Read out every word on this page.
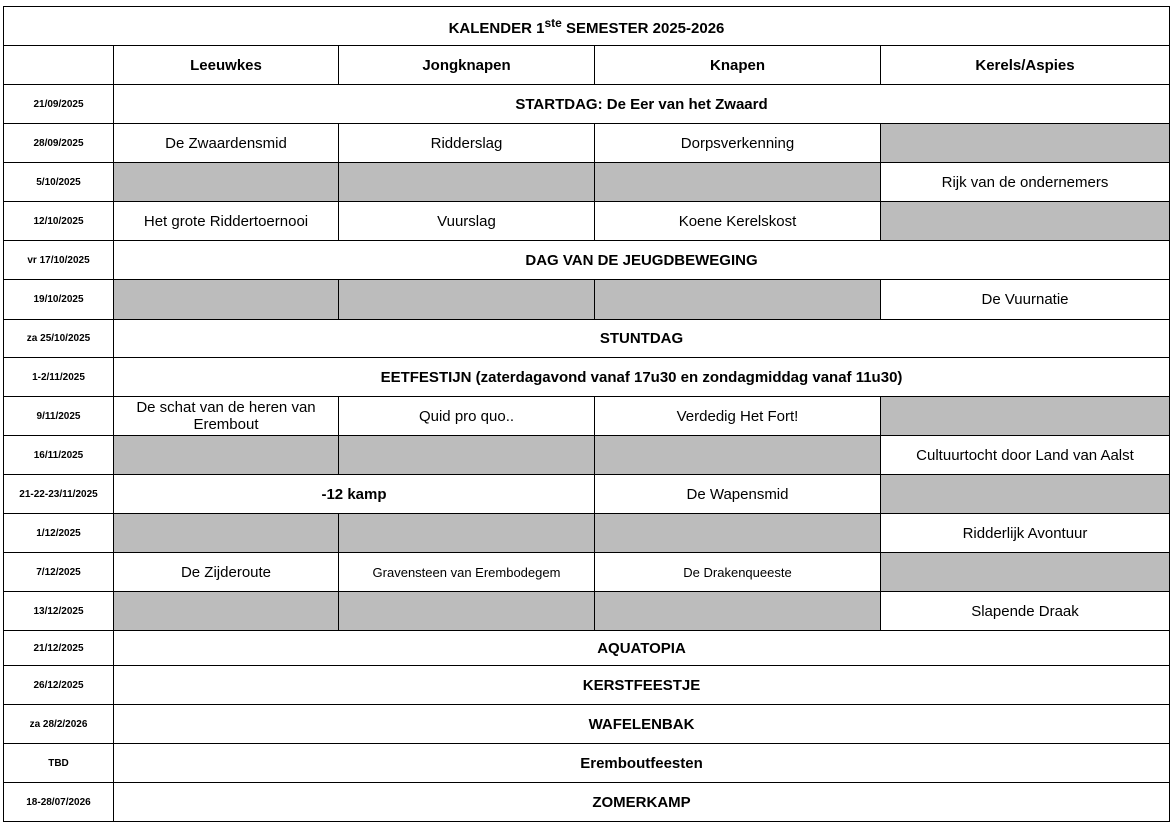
KALENDER 1ste SEMESTER 2025-2026				
	Leeuwkes	Jongknapen	Knapen	Kerels/Aspies
21/09/2025	STARTDAG: De Eer van het Zwaard			
28/09/2025	De Zwaardensmid	Ridderslag	Dorpsverkenning	
5/10/2025				Rijk van de ondernemers
12/10/2025	Het grote Riddertoernooi	Vuurslag	Koene Kerelskost	
vr 17/10/2025	DAG VAN DE JEUGDBEWEGING			
19/10/2025				De Vuurnatie
za 25/10/2025	STUNTDAG			
1-2/11/2025	EETFESTIJN (zaterdagavond vanaf 17u30 en zondagmiddag vanaf 11u30)			
9/11/2025	De schat van de heren van Erembout	Quid pro quo..	Verdedig Het Fort!	
16/11/2025				Cultuurtocht door Land van Aalst
21-22-23/11/2025	-12 kamp		De Wapensmid	
1/12/2025				Ridderlijk Avontuur
7/12/2025	De Zijderoute	Gravensteen van Erembodegem	De Drakenqueeste	
13/12/2025				Slapende Draak
21/12/2025	AQUATOPIA			
26/12/2025	KERSTFEESTJE			
za 28/2/2026	WAFELENBAK			
TBD	Eremboutfeesten			
18-28/07/2026	ZOMERKAMP			
